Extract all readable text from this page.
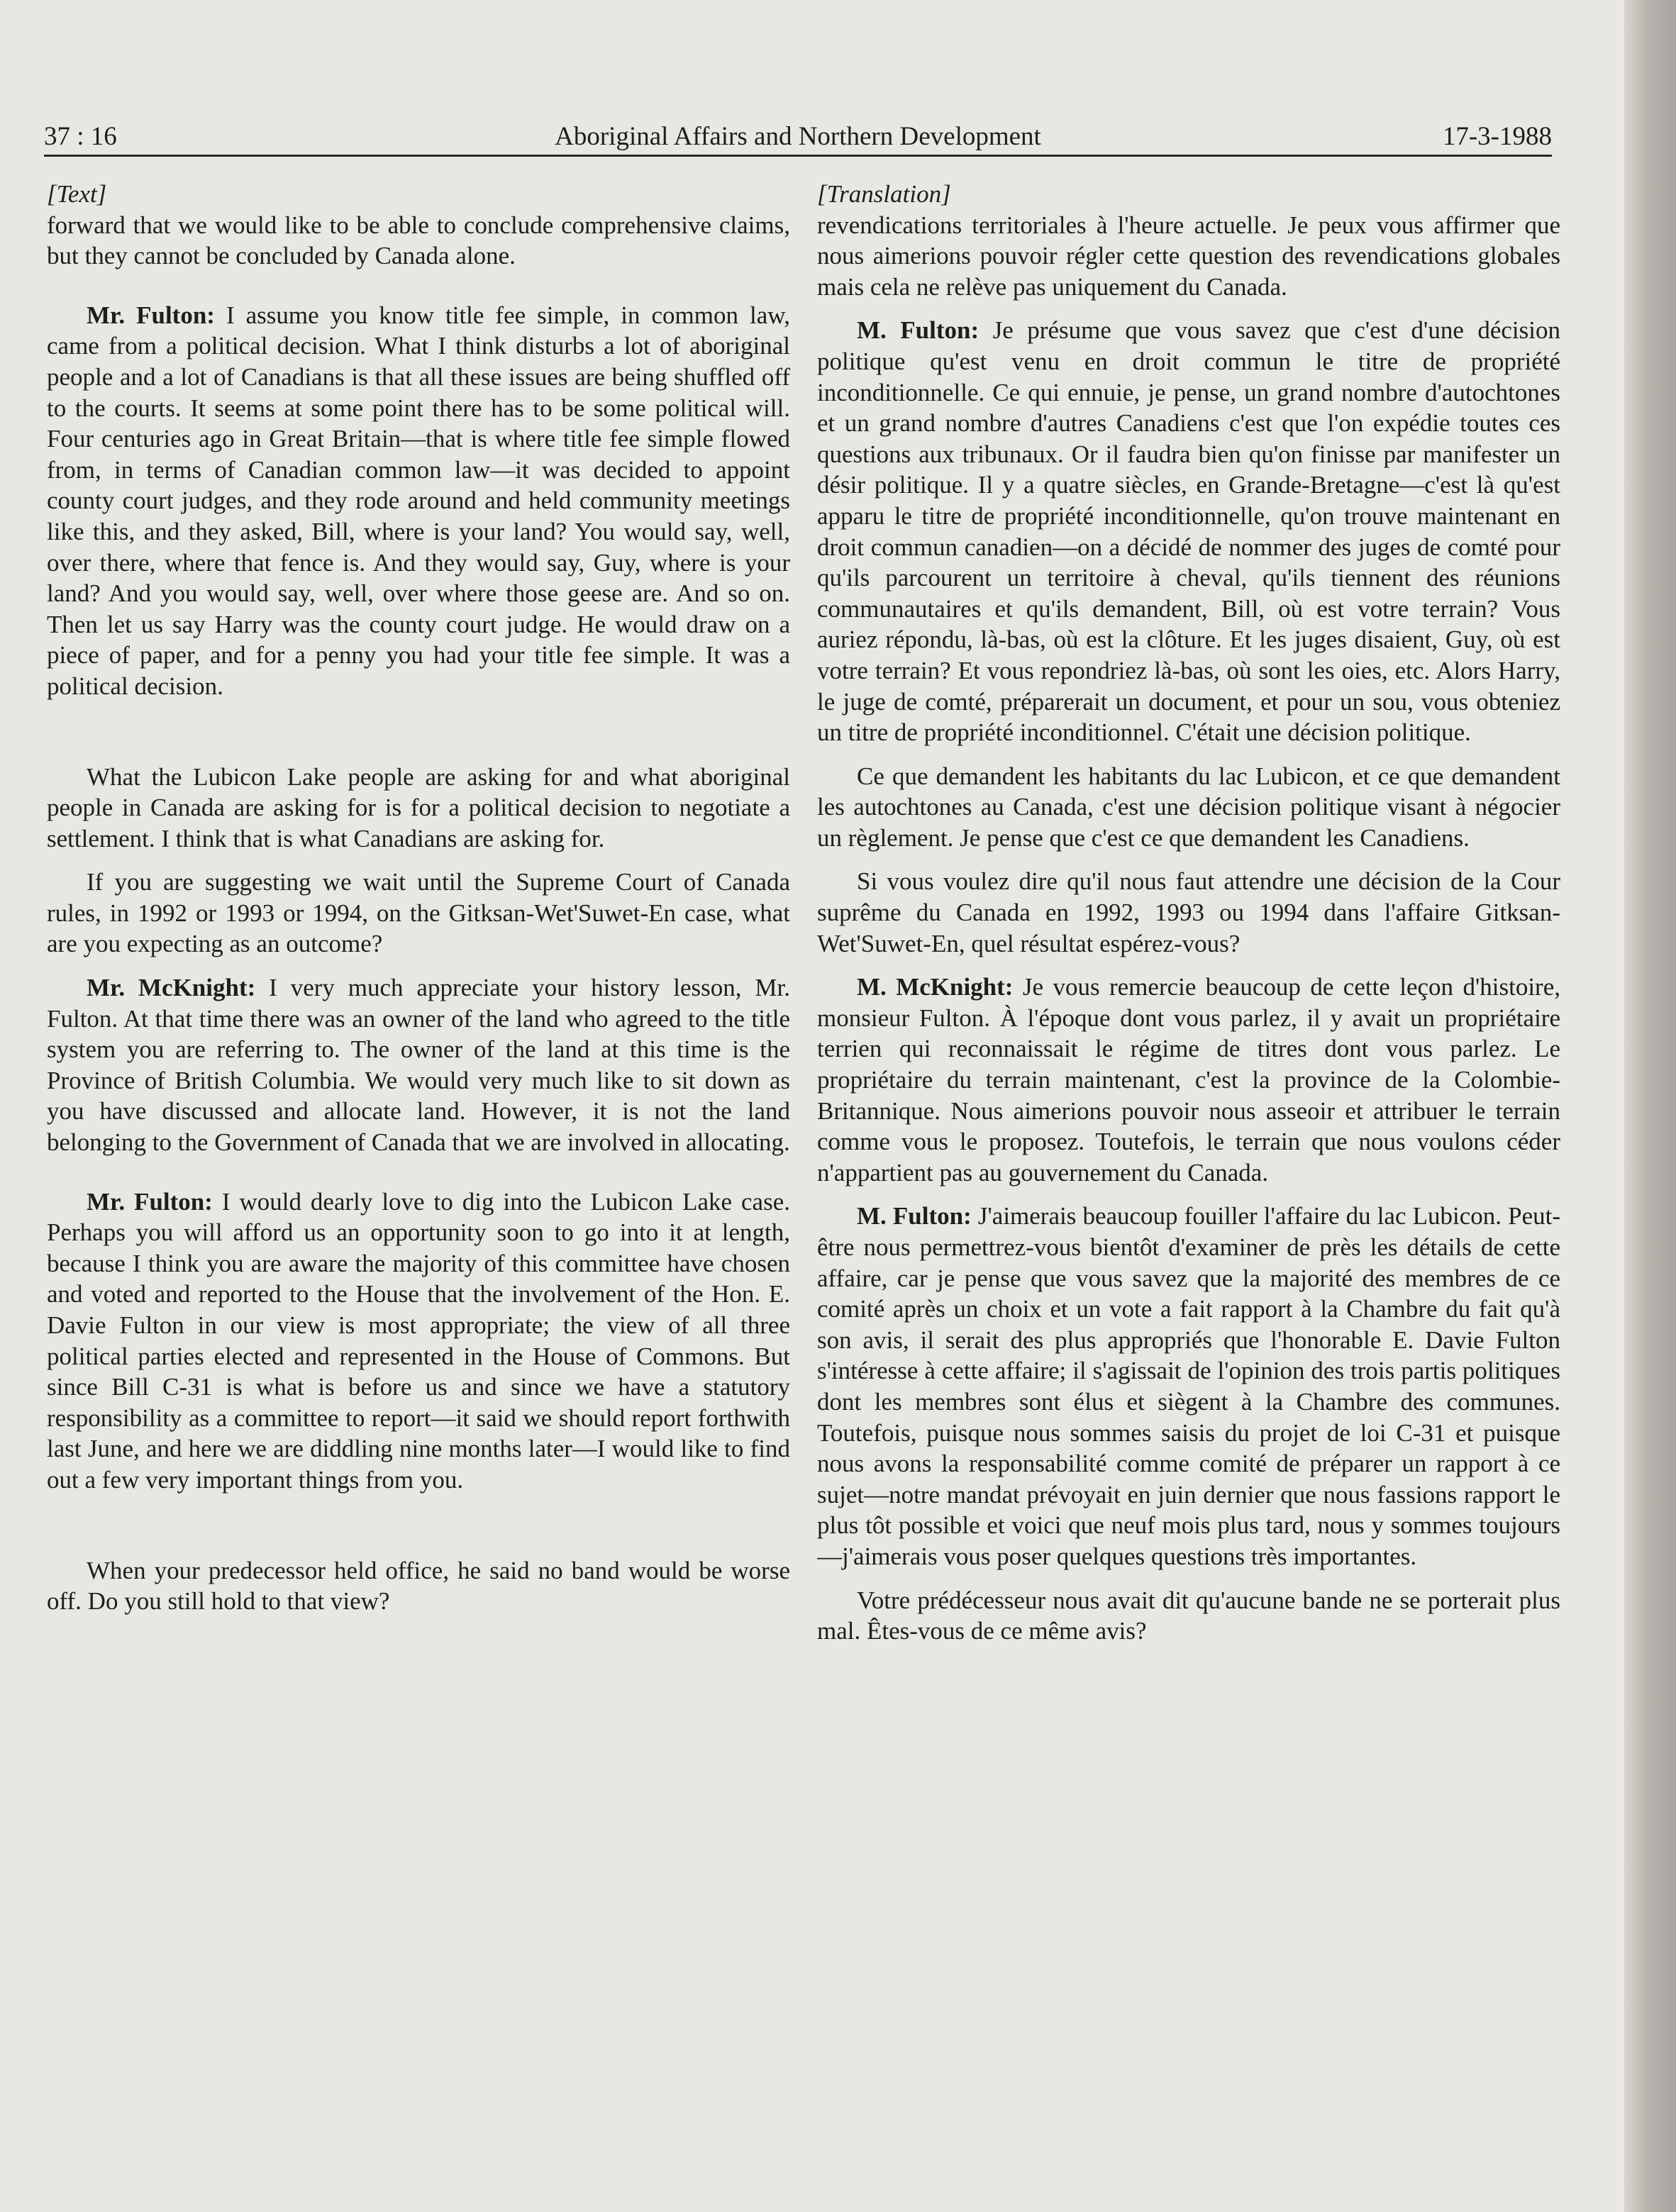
37 : 16	Aboriginal Affairs and Northern Development	17-3-1988

[Text]

forward that we would like to be able to conclude comprehensive claims, but they cannot be concluded by Canada alone.

Mr. Fulton: I assume you know title fee simple, in common law, came from a political decision. What I think disturbs a lot of aboriginal people and a lot of Canadians is that all these issues are being shuffled off to the courts. It seems at some point there has to be some political will. Four centuries ago in Great Britain—that is where title fee simple flowed from, in terms of Canadian common law—it was decided to appoint county court judges, and they rode around and held community meetings like this, and they asked, Bill, where is your land? You would say, well, over there, where that fence is. And they would say, Guy, where is your land? And you would say, well, over where those geese are. And so on. Then let us say Harry was the county court judge. He would draw on a piece of paper, and for a penny you had your title fee simple. It was a political decision.

What the Lubicon Lake people are asking for and what aboriginal people in Canada are asking for is for a political decision to negotiate a settlement. I think that is what Canadians are asking for.

If you are suggesting we wait until the Supreme Court of Canada rules, in 1992 or 1993 or 1994, on the Gitksan-Wet'Suwet-En case, what are you expecting as an outcome?

Mr. McKnight: I very much appreciate your history lesson, Mr. Fulton. At that time there was an owner of the land who agreed to the title system you are referring to. The owner of the land at this time is the Province of British Columbia. We would very much like to sit down as you have discussed and allocate land. However, it is not the land belonging to the Government of Canada that we are involved in allocating.

Mr. Fulton: I would dearly love to dig into the Lubicon Lake case. Perhaps you will afford us an opportunity soon to go into it at length, because I think you are aware the majority of this committee have chosen and voted and reported to the House that the involvement of the Hon. E. Davie Fulton in our view is most appropriate; the view of all three political parties elected and represented in the House of Commons. But since Bill C-31 is what is before us and since we have a statutory responsibility as a committee to report—it said we should report forthwith last June, and here we are diddling nine months later—I would like to find out a few very important things from you.

When your predecessor held office, he said no band would be worse off. Do you still hold to that view?

[Translation]

revendications territoriales à l'heure actuelle. Je peux vous affirmer que nous aimerions pouvoir régler cette question des revendications globales mais cela ne relève pas uniquement du Canada.

M. Fulton: Je présume que vous savez que c'est d'une décision politique qu'est venu en droit commun le titre de propriété inconditionnelle. Ce qui ennuie, je pense, un grand nombre d'autochtones et un grand nombre d'autres Canadiens c'est que l'on expédie toutes ces questions aux tribunaux. Or il faudra bien qu'on finisse par manifester un désir politique. Il y a quatre siècles, en Grande-Bretagne—c'est là qu'est apparu le titre de propriété inconditionnelle, qu'on trouve maintenant en droit commun canadien—on a décidé de nommer des juges de comté pour qu'ils parcourent un territoire à cheval, qu'ils tiennent des réunions communautaires et qu'ils demandent, Bill, où est votre terrain? Vous auriez répondu, là-bas, où est la clôture. Et les juges disaient, Guy, où est votre terrain? Et vous repondriez là-bas, où sont les oies, etc. Alors Harry, le juge de comté, préparerait un document, et pour un sou, vous obteniez un titre de propriété inconditionnel. C'était une décision politique.

Ce que demandent les habitants du lac Lubicon, et ce que demandent les autochtones au Canada, c'est une décision politique visant à négocier un règlement. Je pense que c'est ce que demandent les Canadiens.

Si vous voulez dire qu'il nous faut attendre une décision de la Cour suprême du Canada en 1992, 1993 ou 1994 dans l'affaire Gitksan-Wet'Suwet-En, quel résultat espérez-vous?

M. McKnight: Je vous remercie beaucoup de cette leçon d'histoire, monsieur Fulton. À l'époque dont vous parlez, il y avait un propriétaire terrien qui reconnaissait le régime de titres dont vous parlez. Le propriétaire du terrain maintenant, c'est la province de la Colombie-Britannique. Nous aimerions pouvoir nous asseoir et attribuer le terrain comme vous le proposez. Toutefois, le terrain que nous voulons céder n'appartient pas au gouvernement du Canada.

M. Fulton: J'aimerais beaucoup fouiller l'affaire du lac Lubicon. Peut-être nous permettrez-vous bientôt d'examiner de près les détails de cette affaire, car je pense que vous savez que la majorité des membres de ce comité après un choix et un vote a fait rapport à la Chambre du fait qu'à son avis, il serait des plus appropriés que l'honorable E. Davie Fulton s'intéresse à cette affaire; il s'agissait de l'opinion des trois partis politiques dont les membres sont élus et siègent à la Chambre des communes. Toutefois, puisque nous sommes saisis du projet de loi C-31 et puisque nous avons la responsabilité comme comité de préparer un rapport à ce sujet—notre mandat prévoyait en juin dernier que nous fassions rapport le plus tôt possible et voici que neuf mois plus tard, nous y sommes toujours—j'aimerais vous poser quelques questions très importantes.

Votre prédécesseur nous avait dit qu'aucune bande ne se porterait plus mal. Êtes-vous de ce même avis?
